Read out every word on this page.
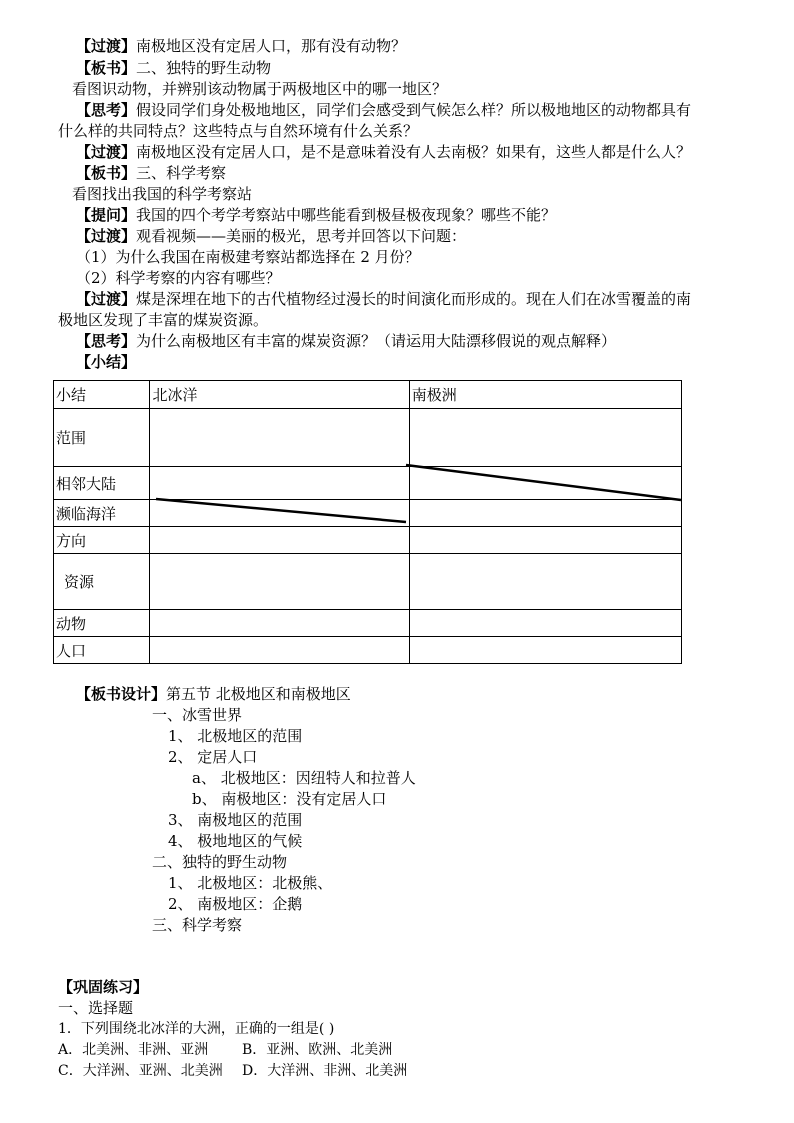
【过渡】南极地区没有定居人口，那有没有动物？
【板书】二、独特的野生动物
看图识动物，并辨别该动物属于两极地区中的哪一地区？
【思考】假设同学们身处极地地区，同学们会感受到气候怎么样？所以极地地区的动物都具有
什么样的共同特点？这些特点与自然环境有什么关系？
【过渡】南极地区没有定居人口，是不是意味着没有人去南极？如果有，这些人都是什么人？
【板书】三、科学考察
看图找出我国的科学考察站
【提问】我国的四个考学考察站中哪些能看到极昼极夜现象？哪些不能？
【过渡】观看视频——美丽的极光，思考并回答以下问题：
（1）为什么我国在南极建考察站都选择在 2 月份？
（2）科学考察的内容有哪些？
【过渡】煤是深埋在地下的古代植物经过漫长的时间演化而形成的。现在人们在冰雪覆盖的南
极地区发现了丰富的煤炭资源。
【思考】为什么南极地区有丰富的煤炭资源？（请运用大陆漂移假说的观点解释）
【小结】
小结	北冰洋	南极洲
范围		
相邻大陆		
濒临海洋		
方向		
资源		
动物		
人口		
【板书设计】第五节 北极地区和南极地区
一、冰雪世界
1、 北极地区的范围
2、 定居人口
a、 北极地区：因纽特人和拉普人
b、 南极地区：没有定居人口
3、 南极地区的范围
4、 极地地区的气候
二、独特的野生动物
1、 北极地区：北极熊、
2、 南极地区：企鹅
三、科学考察
【巩固练习】
一、选择题
1．下列围绕北冰洋的大洲，正确的一组是( )
A．北美洲、非洲、亚洲 B．亚洲、欧洲、北美洲
C．大洋洲、亚洲、北美洲 D．大洋洲、非洲、北美洲
